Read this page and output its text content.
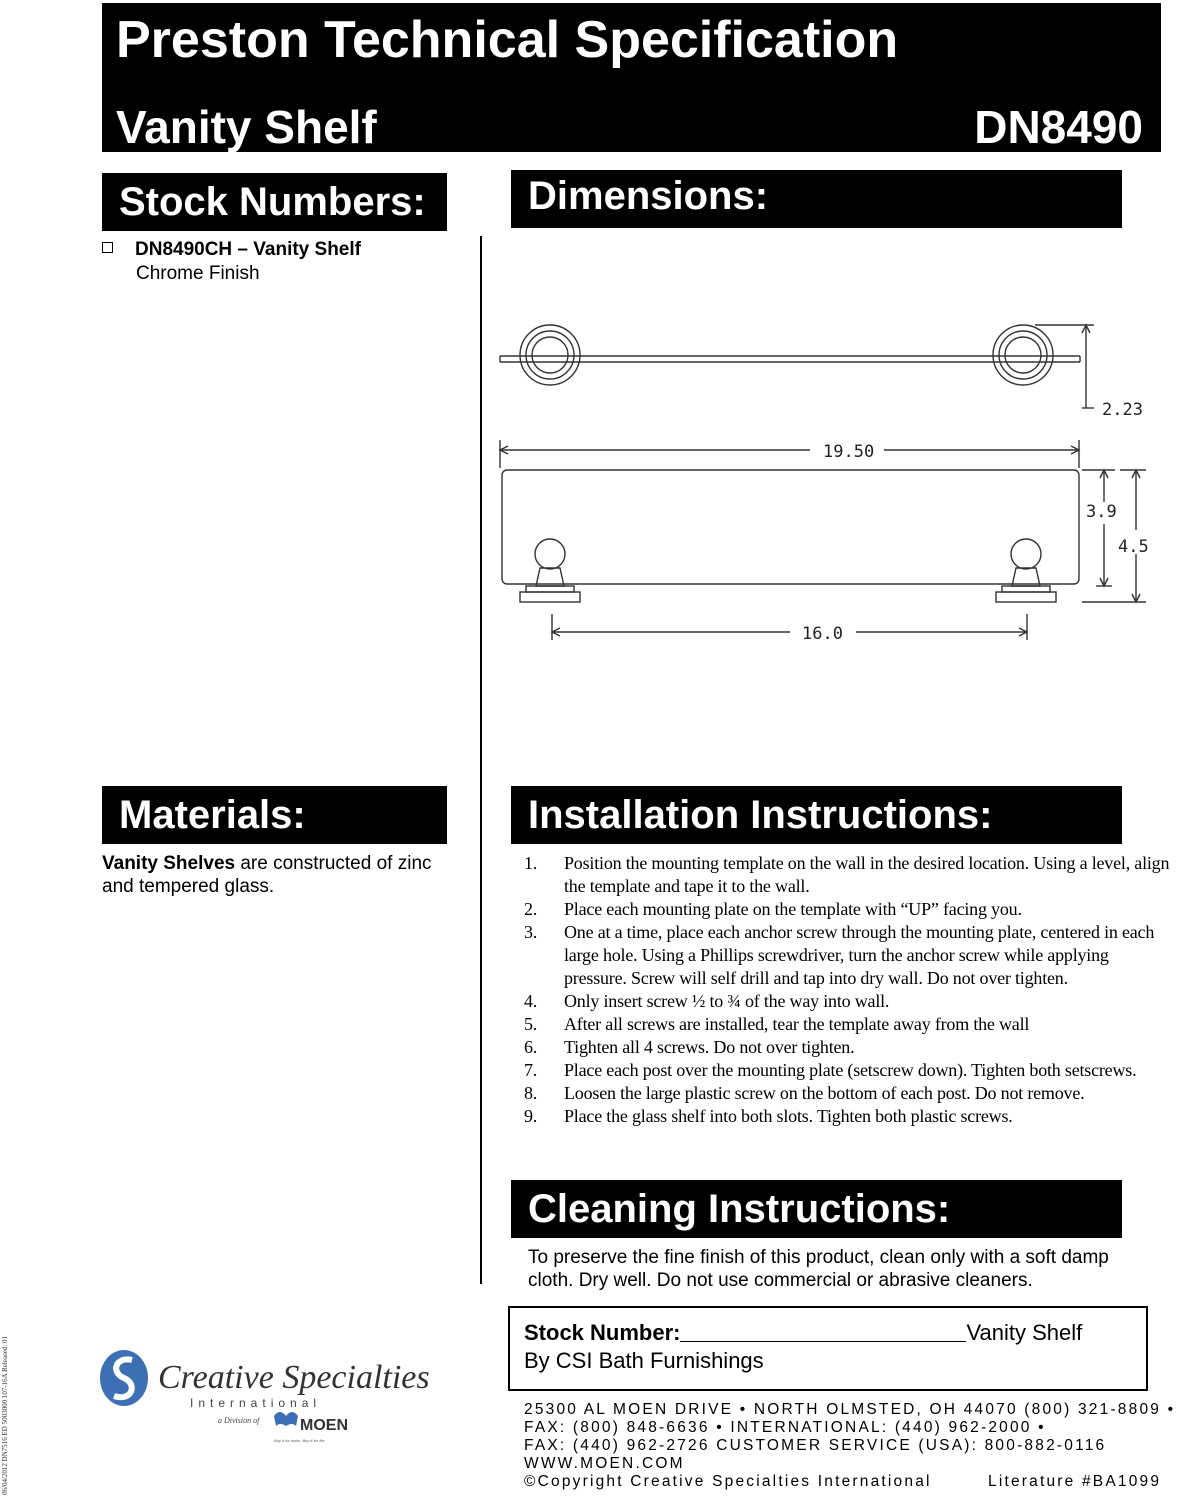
Preston Technical Specification
Vanity Shelf	DN8490
Stock Numbers:	Dimensions:
Materials:	Installation Instructions:
Cleaning Instructions:
DN8490CH – Vanity Shelf
Chrome Finish
2.23
19.50
3.9
4.5
16.0
Vanity Shelves are constructed of zinc and tempered glass.
1. Position the mounting template on the wall in the desired location. Using a level, align the template and tape it to the wall.
2. Place each mounting plate on the template with “UP” facing you.
3. One at a time, place each anchor screw through the mounting plate, centered in each large hole. Using a Phillips screwdriver, turn the anchor screw while applying pressure. Screw will self drill and tap into dry wall. Do not over tighten.
4. Only insert screw ½ to ¾ of the way into wall.
5. After all screws are installed, tear the template away from the wall
6. Tighten all 4 screws. Do not over tighten.
7. Place each post over the mounting plate (setscrew down). Tighten both setscrews.
8. Loosen the large plastic screw on the bottom of each post. Do not remove.
9. Place the glass shelf into both slots. Tighten both plastic screws.
To preserve the fine finish of this product, clean only with a soft damp cloth. Dry well. Do not use commercial or abrasive cleaners.
Stock Number:	Vanity Shelf
By CSI Bath Furnishings
25300 AL MOEN DRIVE • NORTH OLMSTED, OH 44070 (800) 321-8809 •
FAX: (800) 848-6636 • INTERNATIONAL: (440) 962-2000 •
FAX: (440) 962-2726 CUSTOMER SERVICE (USA): 800-882-0116
WWW.MOEN.COM
©Copyright Creative Specialties International	Literature #BA1099
Creative Specialties
International
a Division of	MOEN
Buy it for looks. Buy it for life.
06/04/2012 DN7516 ED 5003000 107-16A Released: 01
